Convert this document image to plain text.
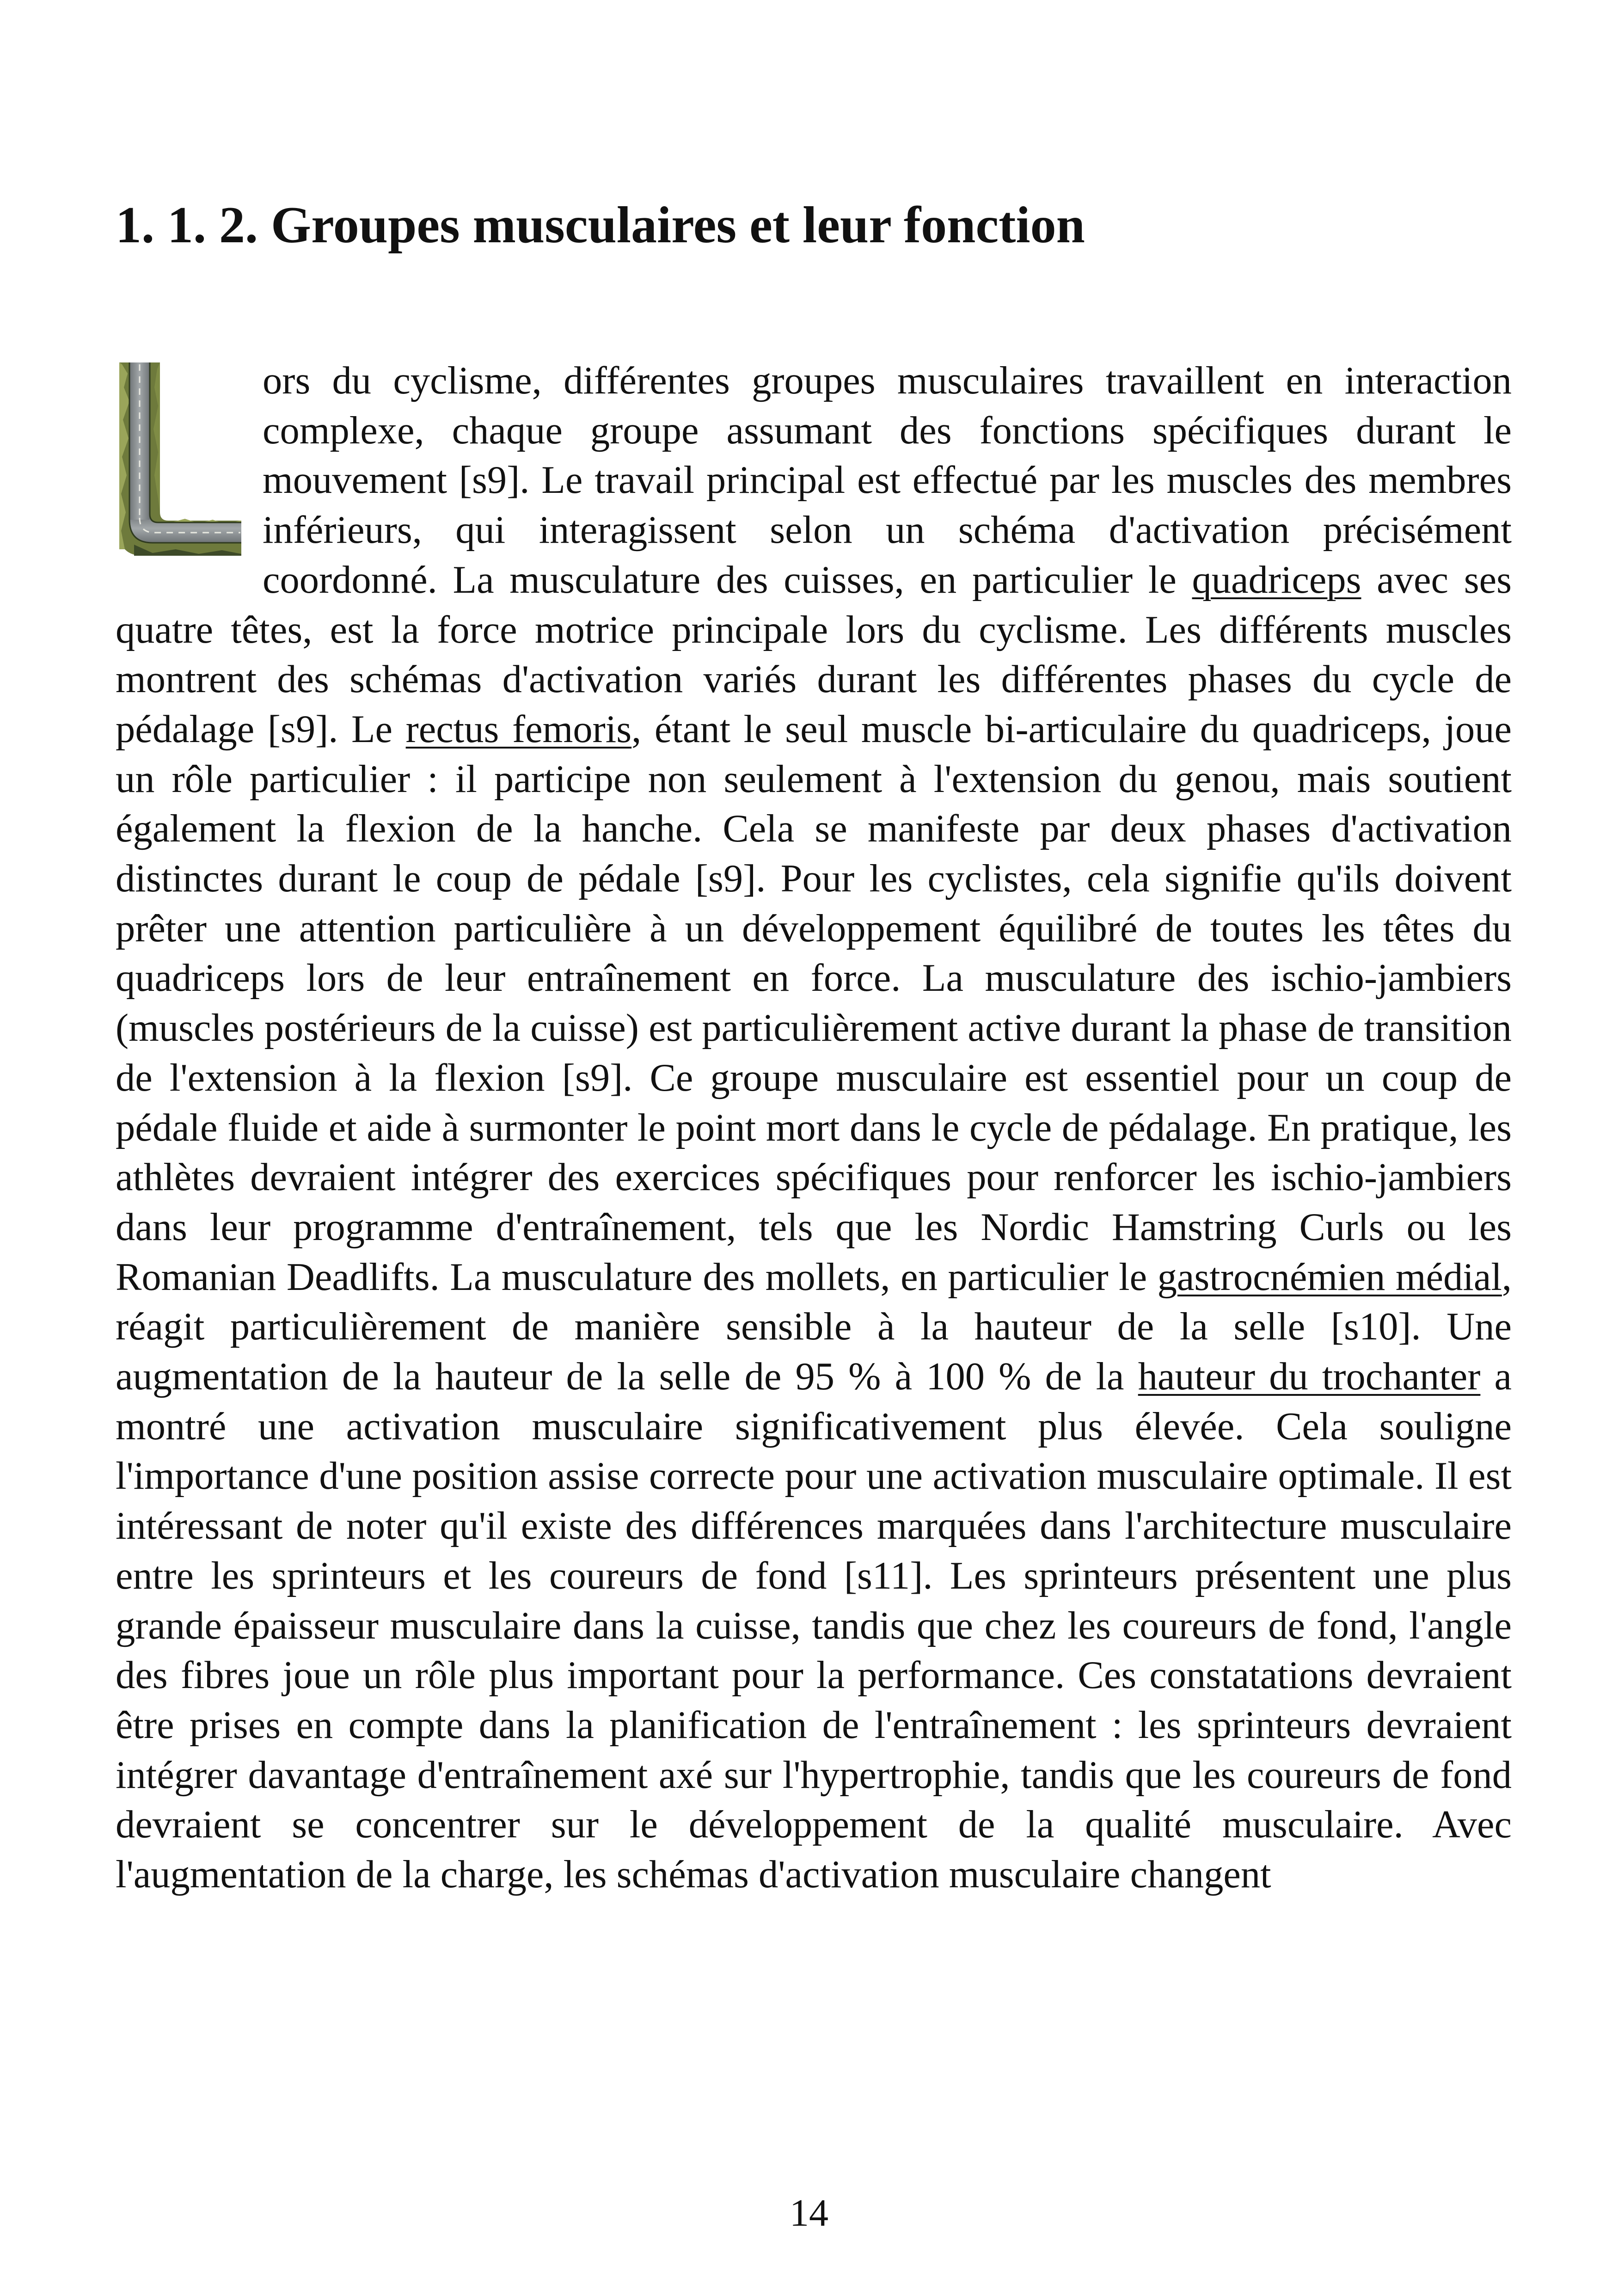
1. 1. 2. Groupes musculaires et leur fonction

ors du cyclisme, différentes groupes musculaires travaillent en interaction complexe, chaque groupe assumant des fonctions spécifiques durant le mouvement [s9]. Le travail principal est effectué par les muscles des membres inférieurs, qui interagissent selon un schéma d'activation précisément coordonné. La musculature des cuisses, en particulier le quadriceps avec ses quatre têtes, est la force motrice principale lors du cyclisme. Les différents muscles montrent des schémas d'activation variés durant les différentes phases du cycle de pédalage [s9]. Le rectus femoris, étant le seul muscle bi-articulaire du quadriceps, joue un rôle particulier : il participe non seulement à l'extension du genou, mais soutient également la flexion de la hanche. Cela se manifeste par deux phases d'activation distinctes durant le coup de pédale [s9]. Pour les cyclistes, cela signifie qu'ils doivent prêter une attention particulière à un développement équilibré de toutes les têtes du quadriceps lors de leur entraînement en force. La musculature des ischio-jambiers (muscles postérieurs de la cuisse) est particulièrement active durant la phase de transition de l'extension à la flexion [s9]. Ce groupe musculaire est essentiel pour un coup de pédale fluide et aide à surmonter le point mort dans le cycle de pédalage. En pratique, les athlètes devraient intégrer des exercices spécifiques pour renforcer les ischio-jambiers dans leur programme d'entraînement, tels que les Nordic Hamstring Curls ou les Romanian Deadlifts. La musculature des mollets, en particulier le gastrocnémien médial, réagit particulièrement de manière sensible à la hauteur de la selle [s10]. Une augmentation de la hauteur de la selle de 95 % à 100 % de la hauteur du trochanter a montré une activation musculaire significativement plus élevée. Cela souligne l'importance d'une position assise correcte pour une activation musculaire optimale. Il est intéressant de noter qu'il existe des différences marquées dans l'architecture musculaire entre les sprinteurs et les coureurs de fond [s11]. Les sprinteurs présentent une plus grande épaisseur musculaire dans la cuisse, tandis que chez les coureurs de fond, l'angle des fibres joue un rôle plus important pour la performance. Ces constatations devraient être prises en compte dans la planification de l'entraînement : les sprinteurs devraient intégrer davantage d'entraînement axé sur l'hypertrophie, tandis que les coureurs de fond devraient se concentrer sur le développement de la qualité musculaire. Avec l'augmentation de la charge, les schémas d'activation musculaire changent

14
